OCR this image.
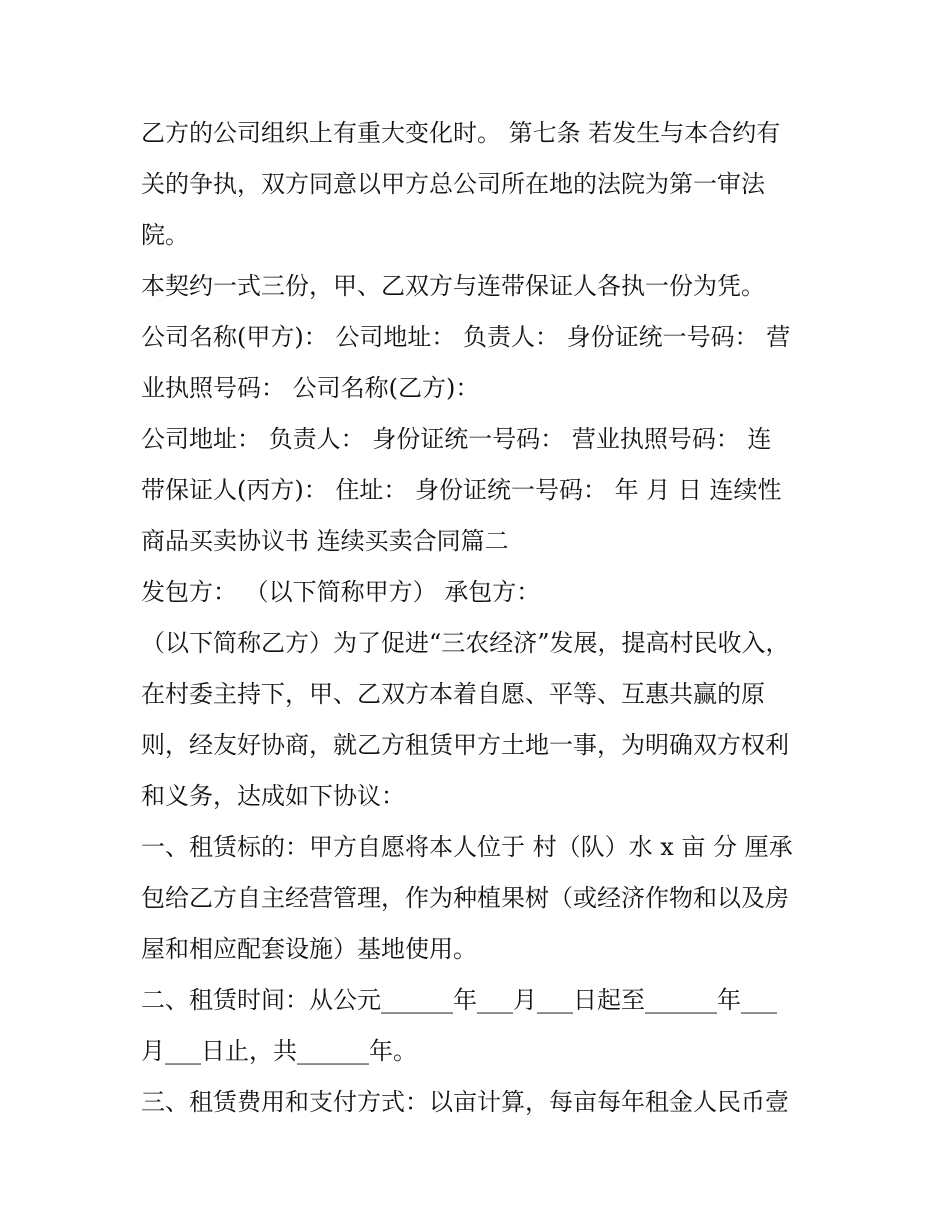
乙方的公司组织上有重大变化时。 第七条 若发生与本合约有
关的争执，双方同意以甲方总公司所在地的法院为第一审法
院。
本契约一式三份，甲、乙双方与连带保证人各执一份为凭。
公司名称(甲方)： 公司地址： 负责人： 身份证统一号码： 营
业执照号码： 公司名称(乙方)：
公司地址： 负责人： 身份证统一号码： 营业执照号码： 连
带保证人(丙方)： 住址： 身份证统一号码： 年 月 日 连续性
商品买卖协议书 连续买卖合同篇二
发包方： （以下简称甲方） 承包方：
（以下简称乙方）为了促进“三农经济”发展，提高村民收入，
在村委主持下，甲、乙双方本着自愿、平等、互惠共赢的原
则，经友好协商，就乙方租赁甲方土地一事，为明确双方权利
和义务，达成如下协议：
一、租赁标的：甲方自愿将本人位于 村（队）水 x 亩 分 厘承
包给乙方自主经营管理，作为种植果树（或经济作物和以及房
屋和相应配套设施）基地使用。
二、租赁时间：从公元______年___月___日起至______年___
月___日止，共______年。
三、租赁费用和支付方式：以亩计算，每亩每年租金人民币壹
